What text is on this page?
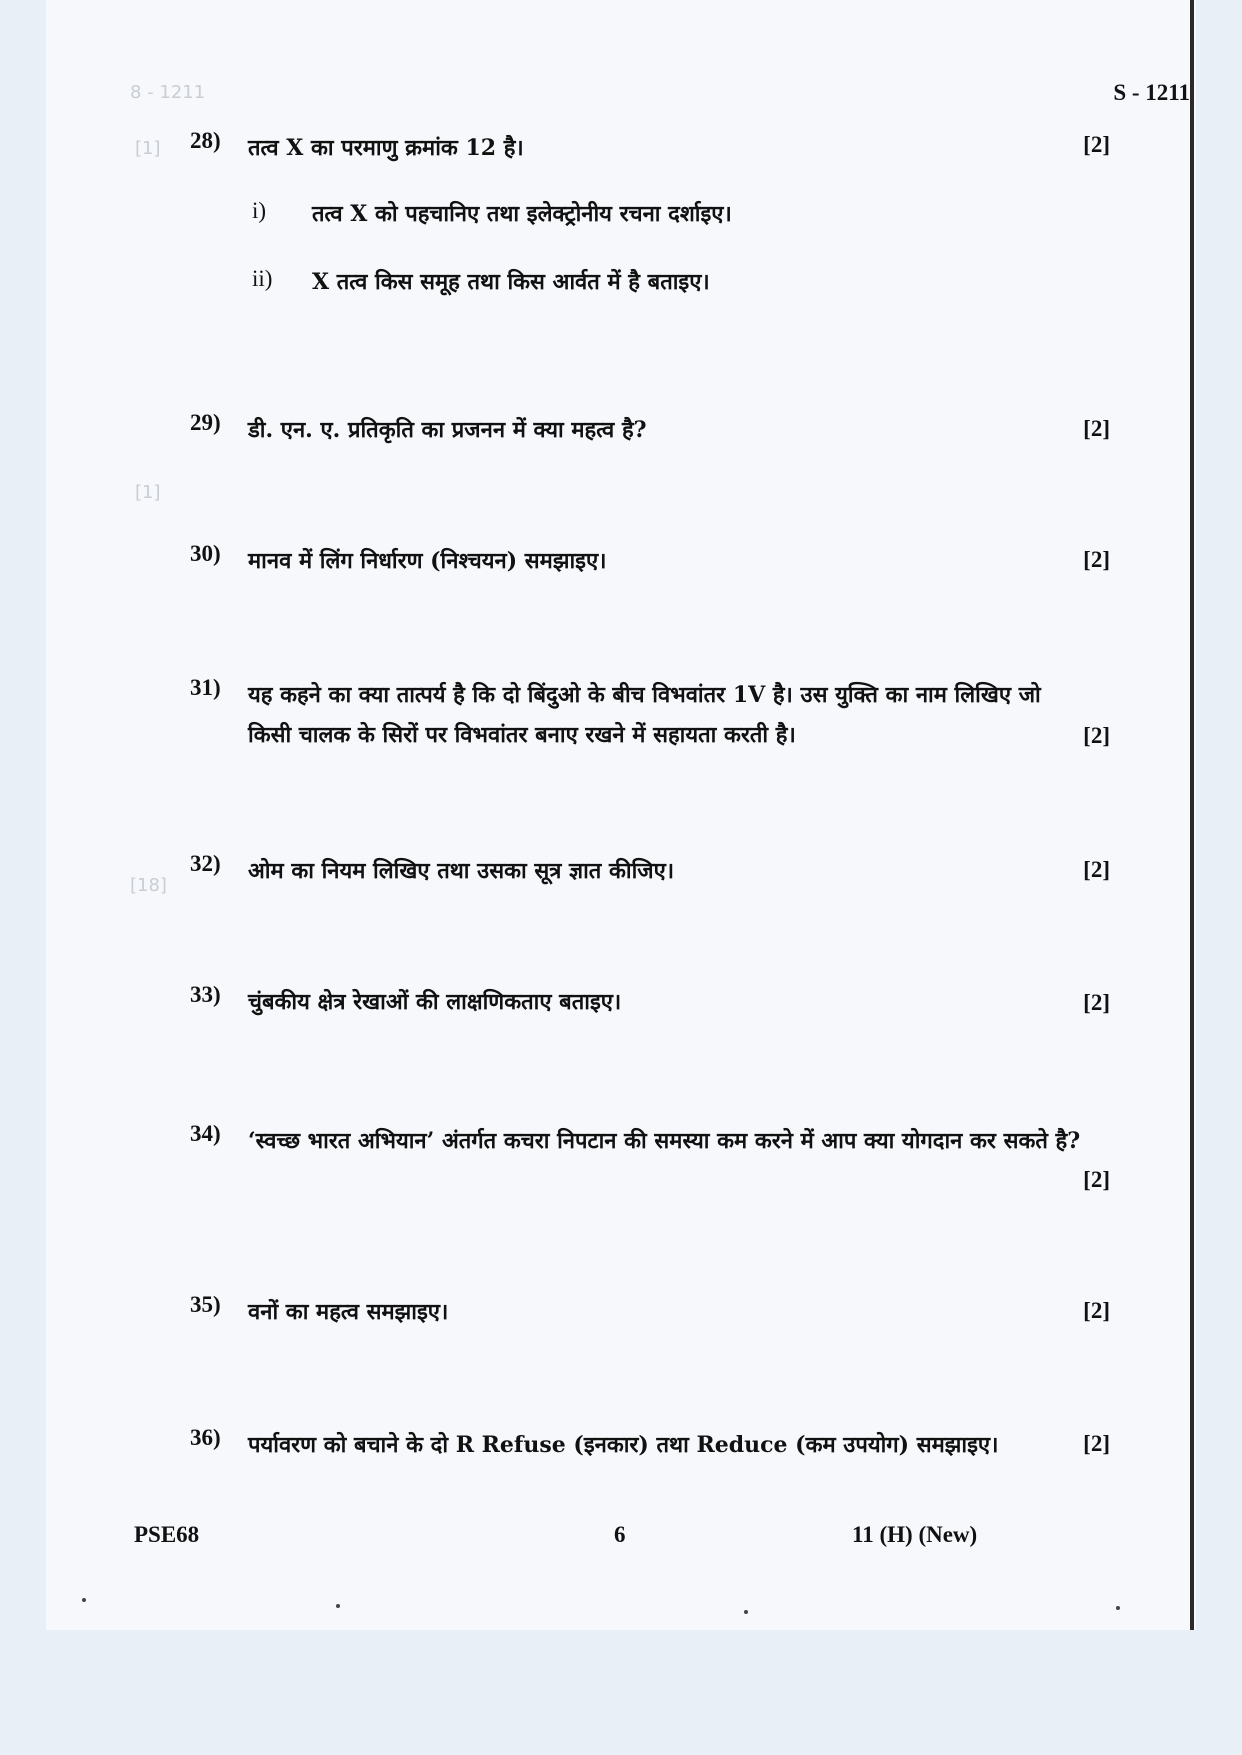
8 - 1211
[1]
[1]
[18]
S - 1211
28) तत्व X का परमाणु क्रमांक 12 है।	[2]
i) तत्व X को पहचानिए तथा इलेक्ट्रोनीय रचना दर्शाइए।
ii) X तत्व किस समूह तथा किस आर्वत में है बताइए।
29) डी. एन. ए. प्रतिकृति का प्रजनन में क्या महत्व है?	[2]
30) मानव में लिंग निर्धारण (निश्चयन) समझाइए।	[2]
31) यह कहने का क्या तात्पर्य है कि दो बिंदुओ के बीच विभवांतर 1V है। उस युक्ति का नाम लिखिए जो किसी चालक के सिरों पर विभवांतर बनाए रखने में सहायता करती है।	[2]
32) ओम का नियम लिखिए तथा उसका सूत्र ज्ञात कीजिए।	[2]
33) चुंबकीय क्षेत्र रेखाओं की लाक्षणिकताए बताइए।	[2]
34) ‘स्वच्छ भारत अभियान’ अंतर्गत कचरा निपटान की समस्या कम करने में आप क्या योगदान कर सकते है?
[2]
35) वनों का महत्व समझाइए।	[2]
36) पर्यावरण को बचाने के दो R Refuse (इनकार) तथा Reduce (कम उपयोग) समझाइए।	[2]
PSE68	6	11 (H) (New)
